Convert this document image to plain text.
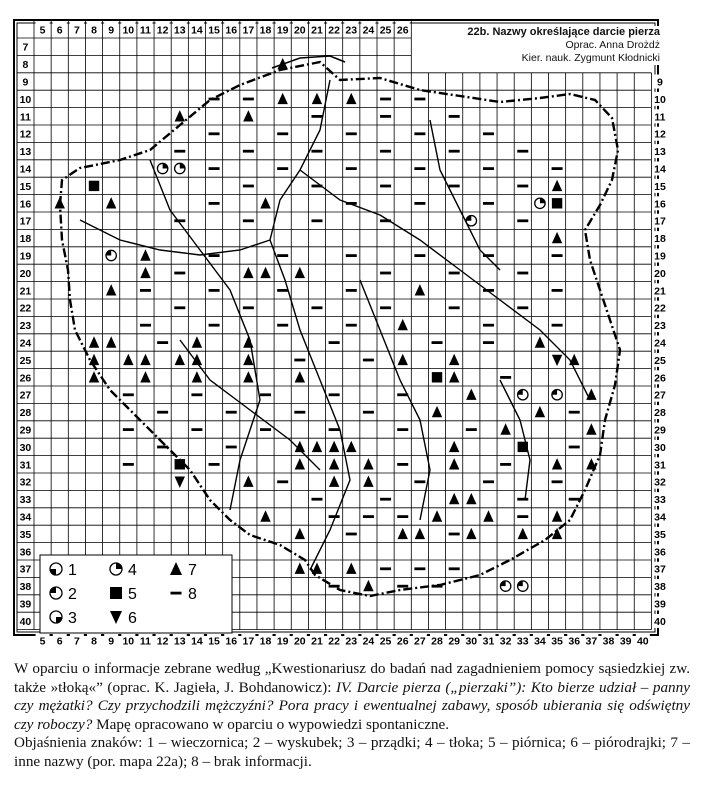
5 6 7 8 9 10 11 12 13 14 15 16 17 18 19 20 21 22 23 24 25 26
5 6 7 8 9 10 11 12 13 14 15 16 17 18 19 20 21 22 23 24 25 26 27 28 29 30 31 32 33 34 35 36 37 38 39 40
7
8
9
10
11
12
13
14
15
16
17
18
19
20
21
22
23
24
25
26
27
28
29
30
31
32
33
34
35
36
37
38
39
40
9
10
11
12
13
14
15
16
17
18
19
20
21
22
23
24
25
26
27
28
29
30
31
32
33
34
35
36
37
38
39
40
1
2
3
4
5
6
7
8
22b. Nazwy określające darcie pierza
Oprac. Anna Drożdż
Kier. nauk. Zygmunt Kłodnicki
W oparciu o informacje zebrane według „Kwestionariusz do badań nad zagadnieniem pomocy sąsiedzkiej zw. także »tłoką«” (oprac. K. Jagieła, J. Bohdanowicz): IV. Darcie pierza („pierzaki”): Kto bierze udział – panny czy mężatki? Czy przychodzili mężczyźni? Pora pracy i ewentualnej zabawy, sposób ubierania się odświętny czy roboczy? Mapę opracowano w oparciu o wypowiedzi spontaniczne.
Objaśnienia znaków: 1 – wieczornica; 2 – wyskubek; 3 – prządki; 4 – tłoka; 5 – piórnica; 6 – piórodrajki; 7 – inne nazwy (por. mapa 22a); 8 – brak informacji.
